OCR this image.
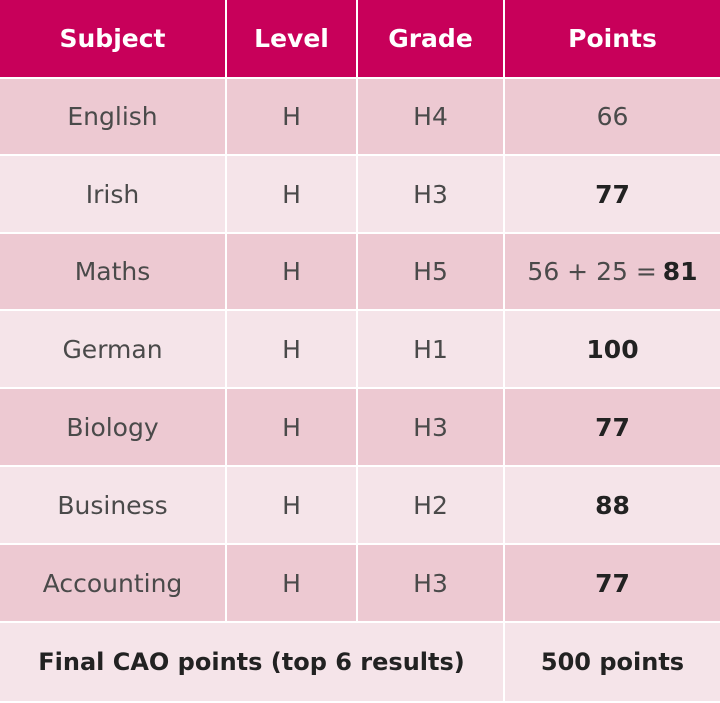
Subject	Level	Grade	Points
English	H	H4	66
Irish	H	H3	77
Maths	H	H5	56 + 25 = 81
German	H	H1	100
Biology	H	H3	77
Business	H	H2	88
Accounting	H	H3	77
Final CAO points (top 6 results)	500 points
